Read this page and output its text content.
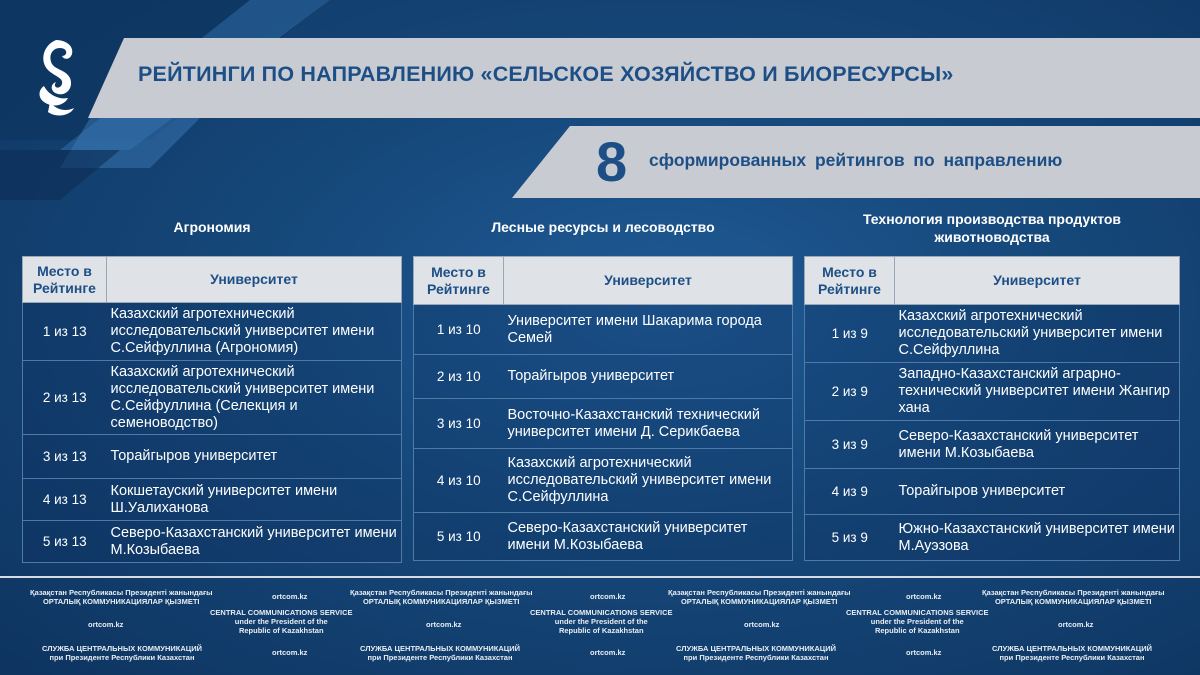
РЕЙТИНГИ ПО НАПРАВЛЕНИЮ «СЕЛЬСКОЕ ХОЗЯЙСТВО И БИОРЕСУРСЫ»
8 сформированных рейтингов по направлению
Агрономия
Место в Рейтинге	Университет
1 из 13	Казахский агротехнический исследовательский университет имени С.Сейфуллина (Агрономия)
2 из 13	Казахский агротехнический исследовательский университет имени С.Сейфуллина (Селекция и семеноводство)
3 из 13	Торайгыров университет
4 из 13	Кокшетауский университет имени Ш.Уалиханова
5 из 13	Северо-Казахстанский университет имени М.Козыбаева
Лесные ресурсы и лесоводство
Место в Рейтинге	Университет
1 из 10	Университет имени Шакарима города Семей
2 из 10	Торайгыров университет
3 из 10	Восточно-Казахстанский технический университет имени Д. Серикбаева
4 из 10	Казахский агротехнический исследовательский университет имени С.Сейфуллина
5 из 10	Северо-Казахстанский университет имени М.Козыбаева
Технология производства продуктов животноводства
Место в Рейтинге	Университет
1 из 9	Казахский агротехнический исследовательский университет имени С.Сейфуллина
2 из 9	Западно-Казахстанский аграрно-технический университет имени Жангир хана
3 из 9	Северо-Казахстанский университет имени М.Козыбаева
4 из 9	Торайгыров университет
5 из 9	Южно-Казахстанский университет имени М.Ауэзова
Қазақстан Республикасы Президенті жанындағы
ОРТАЛЫҚ КОММУНИКАЦИЯЛАР ҚЫЗМЕТІ
ortcom.kz	Қазақстан Республикасы Президенті жанындағы
ОРТАЛЫҚ КОММУНИКАЦИЯЛАР ҚЫЗМЕТІ
ortcom.kz	Қазақстан Республикасы Президенті жанындағы
ОРТАЛЫҚ КОММУНИКАЦИЯЛАР ҚЫЗМЕТІ
ortcom.kz	Қазақстан Республикасы Президенті жанындағы
ОРТАЛЫҚ КОММУНИКАЦИЯЛАР ҚЫЗМЕТІ
ortcom.kz
CENTRAL COMMUNICATIONS SERVICE
under the President of the
Republic of Kazakhstan
ortcom.kz
CENTRAL COMMUNICATIONS SERVICE
under the President of the
Republic of Kazakhstan
ortcom.kz
CENTRAL COMMUNICATIONS SERVICE
under the President of the
Republic of Kazakhstan
ortcom.kz
СЛУЖБА ЦЕНТРАЛЬНЫХ КОММУНИКАЦИЙ
при Президенте Республики Казахстан
ortcom.kz	СЛУЖБА ЦЕНТРАЛЬНЫХ КОММУНИКАЦИЙ
при Президенте Республики Казахстан
ortcom.kz	СЛУЖБА ЦЕНТРАЛЬНЫХ КОММУНИКАЦИЙ
при Президенте Республики Казахстан
ortcom.kz	СЛУЖБА ЦЕНТРАЛЬНЫХ КОММУНИКАЦИЙ
при Президенте Республики Казахстан
